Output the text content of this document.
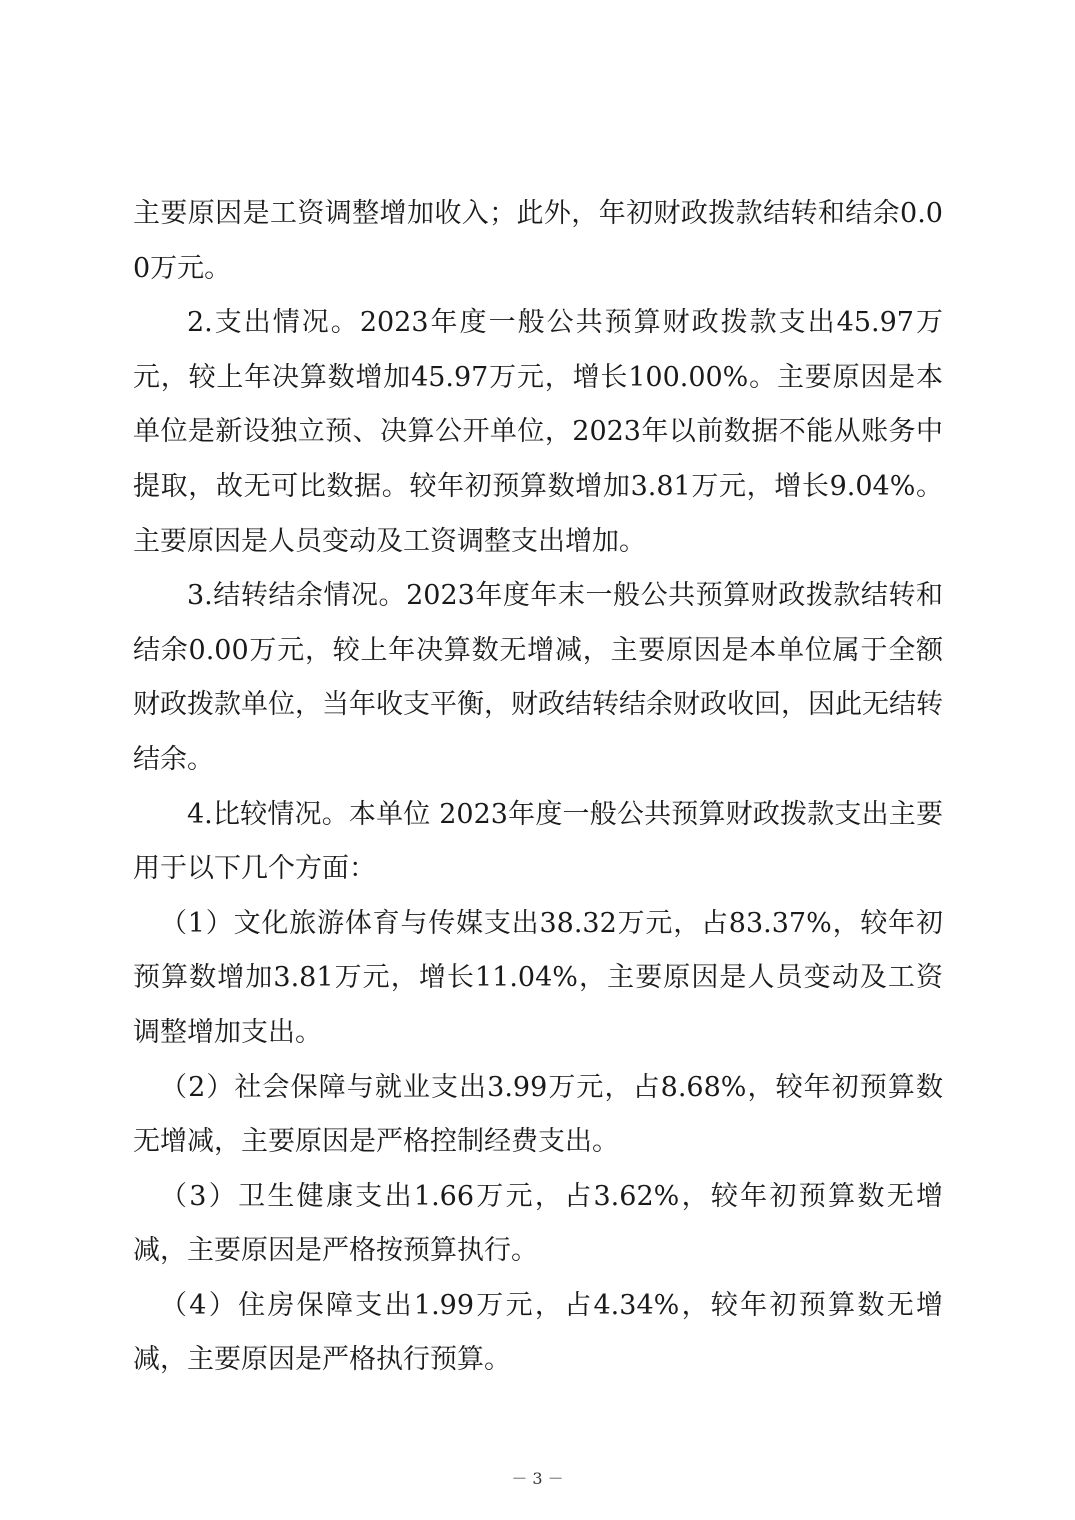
主要原因是工资调整增加收入；此外，年初财政拨款结转和结余0.00万元。

2.支出情况。2023年度一般公共预算财政拨款支出45.97万元，较上年决算数增加45.97万元，增长100.00%。主要原因是本单位是新设独立预、决算公开单位，2023年以前数据不能从账务中提取，故无可比数据。较年初预算数增加3.81万元，增长9.04%。主要原因是人员变动及工资调整支出增加。

3.结转结余情况。2023年度年末一般公共预算财政拨款结转和结余0.00万元，较上年决算数无增减，主要原因是本单位属于全额财政拨款单位，当年收支平衡，财政结转结余财政收回，因此无结转结余。

4.比较情况。本单位 2023年度一般公共预算财政拨款支出主要用于以下几个方面：

（1）文化旅游体育与传媒支出38.32万元，占83.37%，较年初预算数增加3.81万元，增长11.04%，主要原因是人员变动及工资调整增加支出。

（2）社会保障与就业支出3.99万元，占8.68%，较年初预算数无增减，主要原因是严格控制经费支出。

（3）卫生健康支出1.66万元，占3.62%，较年初预算数无增减，主要原因是严格按预算执行。

（4）住房保障支出1.99万元，占4.34%，较年初预算数无增减，主要原因是严格执行预算。

－ 3 －
